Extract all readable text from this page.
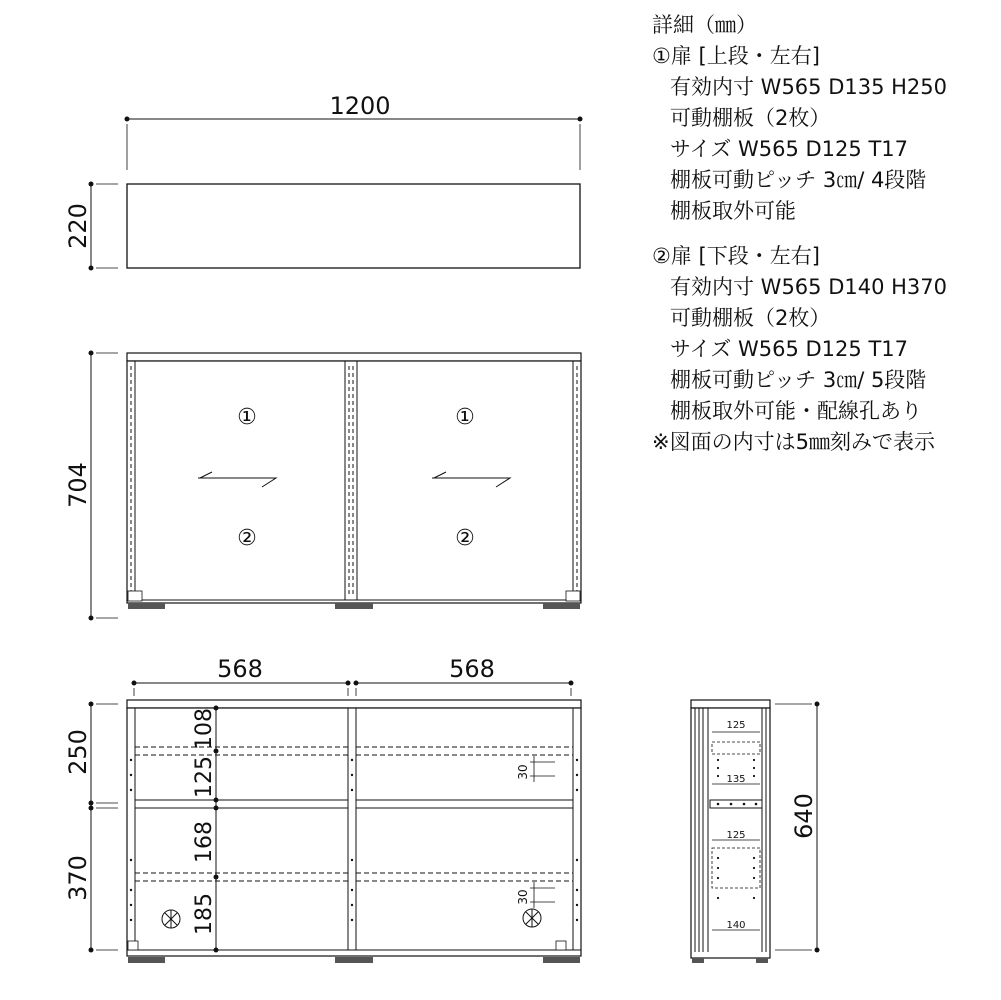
1200
220
①
②
①
②
704
568	568
108
125
168
185
250
370
30
30
125
135
125
140
640
詳細（㎜）
①扉 [上段・左右]
有効内寸 W565 D135 H250
可動棚板（2枚）
サイズ W565 D125 T17
棚板可動ピッチ 3㎝/ 4段階
棚板取外可能
②扉 [下段・左右]
有効内寸 W565 D140 H370
可動棚板（2枚）
サイズ W565 D125 T17
棚板可動ピッチ 3㎝/ 5段階
棚板取外可能・配線孔あり
※図面の内寸は5㎜刻みで表示
